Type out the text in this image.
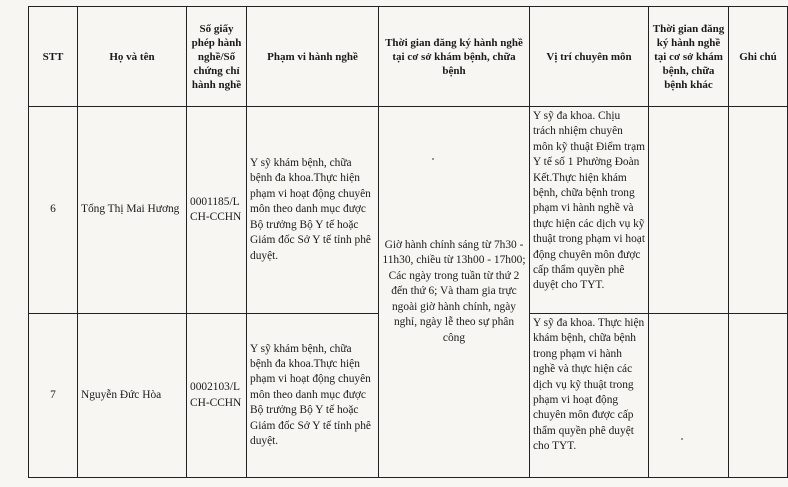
STT	Họ và tên	Số giấy phép hành nghề/Số chứng chỉ hành nghề	Phạm vi hành nghề	Thời gian đăng ký hành nghề tại cơ sở khám bệnh, chữa bệnh	Vị trí chuyên môn	Thời gian đăng ký hành nghề tại cơ sở khám bệnh, chữa bệnh khác	Ghi chú
6	Tống Thị Mai Hương	0001185/L CH-CCHN	Y sỹ khám bệnh, chữa bệnh đa khoa.Thực hiện phạm vi hoạt động chuyên môn theo danh mục được Bộ trưởng Bộ Y tế hoặc Giám đốc Sở Y tế tỉnh phê duyệt.	Giờ hành chính sáng từ 7h30 - 11h30, chiều từ 13h00 - 17h00; Các ngày trong tuần từ thứ 2 đến thứ 6; Và tham gia trực ngoài giờ hành chính, ngày nghỉ, ngày lễ theo sự phân công	Y sỹ đa khoa. Chịu trách nhiệm chuyên môn kỹ thuật Điểm trạm Y tế số 1 Phường Đoàn Kết.Thực hiện khám bệnh, chữa bệnh trong phạm vi hành nghề và thực hiện các dịch vụ kỹ thuật trong phạm vi hoạt động chuyên môn được cấp thẩm quyền phê duyệt cho TYT.		
7	Nguyễn Đức Hòa	0002103/L CH-CCHN	Y sỹ khám bệnh, chữa bệnh đa khoa.Thực hiện phạm vi hoạt động chuyên môn theo danh mục được Bộ trưởng Bộ Y tế hoặc Giám đốc Sở Y tế tỉnh phê duyệt.		Y sỹ đa khoa. Thực hiện khám bệnh, chữa bệnh trong phạm vi hành nghề và thực hiện các dịch vụ kỹ thuật trong phạm vi hoạt động chuyên môn được cấp thẩm quyền phê duyệt cho TYT.		
